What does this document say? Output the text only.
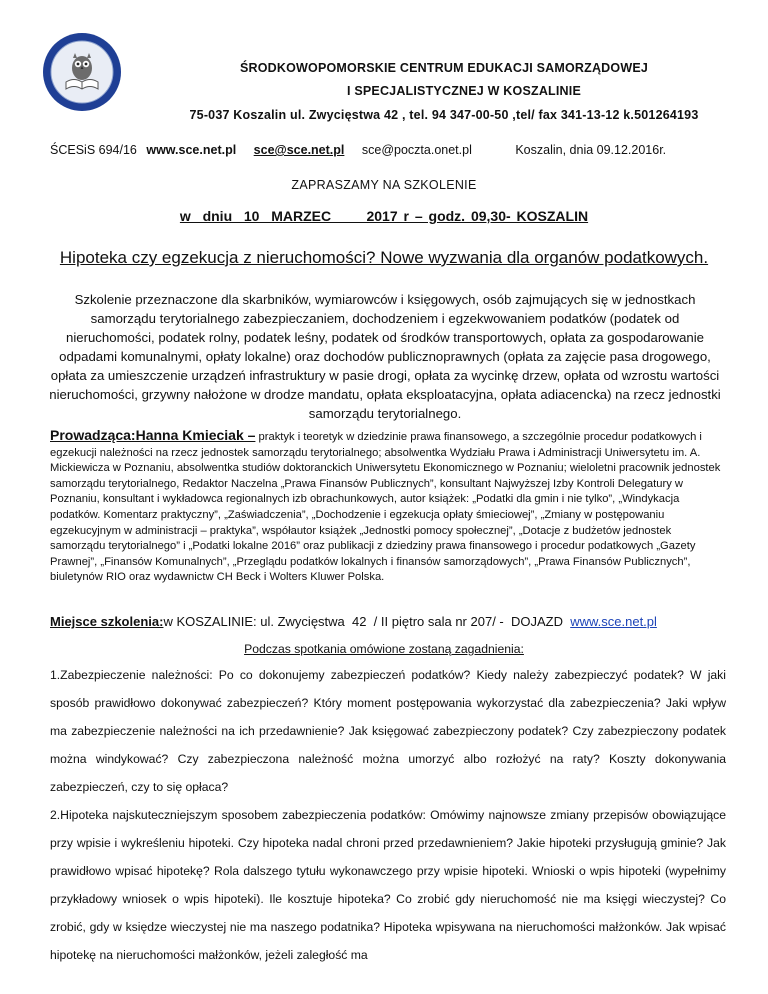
ŚRODKOWOPOMORSKIE CENTRUM EDUKACJI SAMORZĄDOWEJ
I SPECJALISTYCZNEJ W KOSZALINIE
75-037 Koszalin ul. Zwycięstwa 42 , tel. 94 347-00-50 ,tel/ fax 341-13-12 k.501264193
ŚCESiS 694/16 www.sce.net.pl sce@sce.net.pl sce@poczta.onet.pl	Koszalin, dnia 09.12.2016r.
ZAPRASZAMY NA SZKOLENIE
w  dniu  10  MARZEC      2017 r – godz. 09,30- KOSZALIN
Hipoteka czy egzekucja z nieruchomości? Nowe wyzwania dla organów podatkowych.
Szkolenie przeznaczone dla skarbników, wymiarowców i księgowych, osób zajmujących się w jednostkach samorządu terytorialnego zabezpieczaniem, dochodzeniem i egzekwowaniem podatków (podatek od nieruchomości, podatek rolny, podatek leśny, podatek od środków transportowych, opłata za gospodarowanie odpadami komunalnymi, opłaty lokalne) oraz dochodów publicznoprawnych (opłata za zajęcie pasa drogowego, opłata za umieszczenie urządzeń infrastruktury w pasie drogi, opłata za wycinkę drzew, opłata od wzrostu wartości nieruchomości, grzywny nałożone w drodze mandatu, opłata eksploatacyjna, opłata adiacencka) na rzecz jednostki samorządu terytorialnego.
Prowadząca:Hanna Kmieciak – praktyk i teoretyk w dziedzinie prawa finansowego, a szczególnie procedur podatkowych i egzekucji należności na rzecz jednostek samorządu terytorialnego; absolwentka Wydziału Prawa i Administracji Uniwersytetu im. A. Mickiewicza w Poznaniu, absolwentka studiów doktoranckich Uniwersytetu Ekonomicznego w Poznaniu; wieloletni pracownik jednostek samorządu terytorialnego, Redaktor Naczelna „Prawa Finansów Publicznych”, konsultant Najwyższej Izby Kontroli Delegatury w Poznaniu, konsultant i wykładowca regionalnych izb obrachunkowych, autor książek: „Podatki dla gmin i nie tylko”, „Windykacja podatków. Komentarz praktyczny”, „Zaświadczenia”, „Dochodzenie i egzekucja opłaty śmieciowej”, „Zmiany w postępowaniu egzekucyjnym w administracji – praktyka”, współautor książek „Jednostki pomocy społecznej”, „Dotacje z budżetów jednostek samorządu terytorialnego” i „Podatki lokalne 2016” oraz publikacji z dziedziny prawa finansowego i procedur podatkowych „Gazety Prawnej”, „Finansów Komunalnych”, „Przeglądu podatków lokalnych i finansów samorządowych”, „Prawa Finansów Publicznych”, biuletynów RIO oraz wydawnictw CH Beck i Wolters Kluwer Polska.
Miejsce szkolenia:w KOSZALINIE: ul. Zwycięstwa  42  / II piętro sala nr 207/ -  DOJAZD  www.sce.net.pl
Podczas spotkania omówione zostaną zagadnienia:

1.Zabezpieczenie należności: Po co dokonujemy zabezpieczeń podatków? Kiedy należy zabezpieczyć podatek? W jaki sposób prawidłowo dokonywać zabezpieczeń? Który moment postępowania wykorzystać dla zabezpieczenia? Jaki wpływ ma zabezpieczenie należności na ich przedawnienie? Jak księgować zabezpieczony podatek? Czy zabezpieczony podatek można windykować? Czy zabezpieczona należność można umorzyć albo rozłożyć na raty? Koszty dokonywania zabezpieczeń, czy to się opłaca?

2.Hipoteka najskuteczniejszym sposobem zabezpieczenia podatków: Omówimy najnowsze zmiany przepisów obowiązujące przy wpisie i wykreśleniu hipoteki. Czy hipoteka nadal chroni przed przedawnieniem? Jakie hipoteki przysługują gminie? Jak prawidłowo wpisać hipotekę? Rola dalszego tytułu wykonawczego przy wpisie hipoteki. Wnioski o wpis hipoteki (wypełnimy przykładowy wniosek o wpis hipoteki). Ile kosztuje hipoteka? Co zrobić gdy nieruchomość nie ma księgi wieczystej? Co zrobić, gdy w księdze wieczystej nie ma naszego podatnika? Hipoteka wpisywana na nieruchomości małżonków. Jak wpisać hipotekę na nieruchomości małżonków, jeżeli zaległość ma
